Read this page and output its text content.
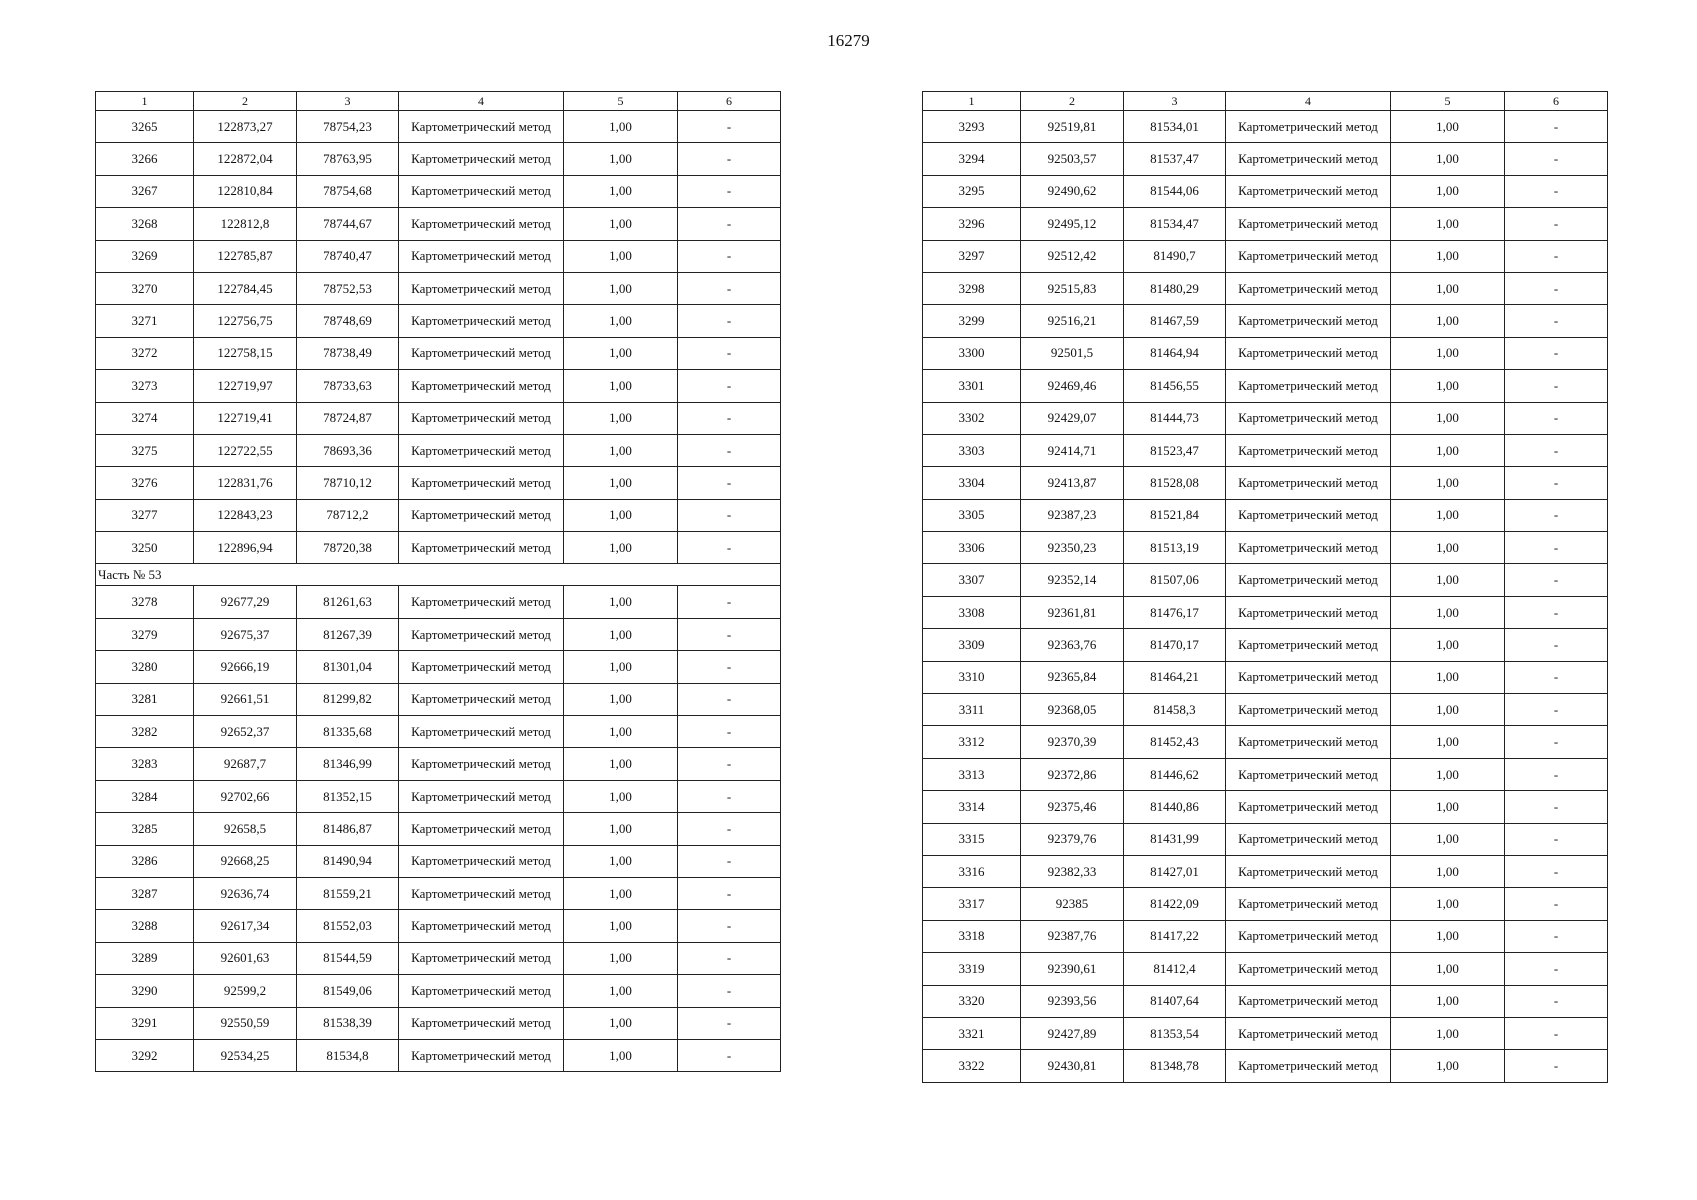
16279
1	2	3	4	5	6
3265	122873,27	78754,23	Картометрический метод	1,00	-
3266	122872,04	78763,95	Картометрический метод	1,00	-
3267	122810,84	78754,68	Картометрический метод	1,00	-
3268	122812,8	78744,67	Картометрический метод	1,00	-
3269	122785,87	78740,47	Картометрический метод	1,00	-
3270	122784,45	78752,53	Картометрический метод	1,00	-
3271	122756,75	78748,69	Картометрический метод	1,00	-
3272	122758,15	78738,49	Картометрический метод	1,00	-
3273	122719,97	78733,63	Картометрический метод	1,00	-
3274	122719,41	78724,87	Картометрический метод	1,00	-
3275	122722,55	78693,36	Картометрический метод	1,00	-
3276	122831,76	78710,12	Картометрический метод	1,00	-
3277	122843,23	78712,2	Картометрический метод	1,00	-
3250	122896,94	78720,38	Картометрический метод	1,00	-
Часть № 53					
3278	92677,29	81261,63	Картометрический метод	1,00	-
3279	92675,37	81267,39	Картометрический метод	1,00	-
3280	92666,19	81301,04	Картометрический метод	1,00	-
3281	92661,51	81299,82	Картометрический метод	1,00	-
3282	92652,37	81335,68	Картометрический метод	1,00	-
3283	92687,7	81346,99	Картометрический метод	1,00	-
3284	92702,66	81352,15	Картометрический метод	1,00	-
3285	92658,5	81486,87	Картометрический метод	1,00	-
3286	92668,25	81490,94	Картометрический метод	1,00	-
3287	92636,74	81559,21	Картометрический метод	1,00	-
3288	92617,34	81552,03	Картометрический метод	1,00	-
3289	92601,63	81544,59	Картометрический метод	1,00	-
3290	92599,2	81549,06	Картометрический метод	1,00	-
3291	92550,59	81538,39	Картометрический метод	1,00	-
3292	92534,25	81534,8	Картометрический метод	1,00	-
1	2	3	4	5	6
3293	92519,81	81534,01	Картометрический метод	1,00	-
3294	92503,57	81537,47	Картометрический метод	1,00	-
3295	92490,62	81544,06	Картометрический метод	1,00	-
3296	92495,12	81534,47	Картометрический метод	1,00	-
3297	92512,42	81490,7	Картометрический метод	1,00	-
3298	92515,83	81480,29	Картометрический метод	1,00	-
3299	92516,21	81467,59	Картометрический метод	1,00	-
3300	92501,5	81464,94	Картометрический метод	1,00	-
3301	92469,46	81456,55	Картометрический метод	1,00	-
3302	92429,07	81444,73	Картометрический метод	1,00	-
3303	92414,71	81523,47	Картометрический метод	1,00	-
3304	92413,87	81528,08	Картометрический метод	1,00	-
3305	92387,23	81521,84	Картометрический метод	1,00	-
3306	92350,23	81513,19	Картометрический метод	1,00	-
3307	92352,14	81507,06	Картометрический метод	1,00	-
3308	92361,81	81476,17	Картометрический метод	1,00	-
3309	92363,76	81470,17	Картометрический метод	1,00	-
3310	92365,84	81464,21	Картометрический метод	1,00	-
3311	92368,05	81458,3	Картометрический метод	1,00	-
3312	92370,39	81452,43	Картометрический метод	1,00	-
3313	92372,86	81446,62	Картометрический метод	1,00	-
3314	92375,46	81440,86	Картометрический метод	1,00	-
3315	92379,76	81431,99	Картометрический метод	1,00	-
3316	92382,33	81427,01	Картометрический метод	1,00	-
3317	92385	81422,09	Картометрический метод	1,00	-
3318	92387,76	81417,22	Картометрический метод	1,00	-
3319	92390,61	81412,4	Картометрический метод	1,00	-
3320	92393,56	81407,64	Картометрический метод	1,00	-
3321	92427,89	81353,54	Картометрический метод	1,00	-
3322	92430,81	81348,78	Картометрический метод	1,00	-
